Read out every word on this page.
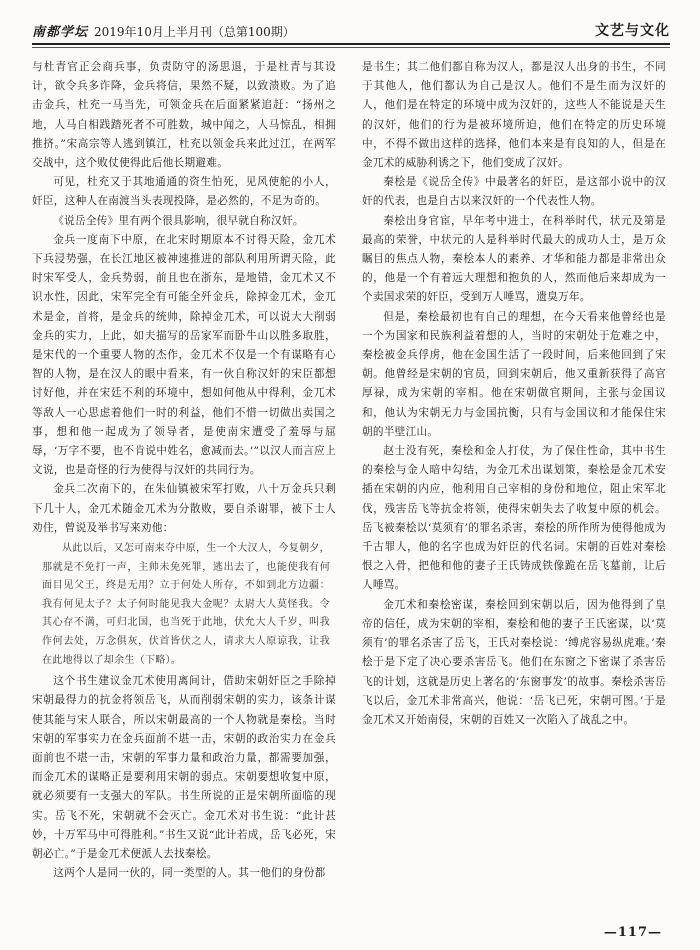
南都学坛 2019年10月上半月刊（总第100期）	文艺与文化

与杜青官正会商兵事，负责防守的汤思退，于是杜青与其设计，欲令兵多诈降，金兵将信，果然不疑，以致溃败。为了追击金兵，杜充一马当先，可领金兵在后面紧紧追赶：“扬州之地，人马自相践踏死者不可胜数，城中闻之，人马惊乱，相拥推挤。”宋高宗等人逃到镇江，杜充以领金兵来此过江，在两军交战中，这个败仗使得此后他长期避难。

可见，杜充又于其地通通的资生怕死，见风使舵的小人，奸臣，这种人在南渡当头表现投降，是必然的，不足为奇的。

《说岳全传》里有两个很具影响，很早就自称汉奸。

金兵一度南下中原，在北宋时期原本不讨得天险，金兀术下兵浸势强，在长江地区被神速推进的部队利用所谓天险，此时宋军受人，金兵势弱，前且也在浙东，是地错，金兀术又不识水性，因此，宋军完全有可能全歼金兵，除掉金兀术，金兀术是金，首将，是金兵的统帅，除掉金兀术，可以说大大削弱金兵的实力，上此，如夫描写的岳家军而卧牛山以胜多取胜，是宋代的一个重要人物的杰作，金兀术不仅是一个有谋略有心智的人物，是在汉人的眼中看来，有一伙自称汉奸的宋臣都想讨好他，并在宋廷不利的环境中，想如何他从中得利，金兀术等敌人一心思虑着他们一时的利益，他们不惜一切做出卖国之事，想和他一起成为了领导者，是使南宋遭受了羞辱与屈辱，‘万字不要，也不肯说中姓名，愈减而去。’”以汉人而言应上文说，也是奇怪的行为使得与汉奸的共同行为。

金兵二次南下的，在朱仙镇被宋军打败，八十万金兵只剩下几十人，金兀术随金兀术为分散败，要自杀谢罪，被下士人劝住，曾说及举书写来劝他：

从此以后，又怎可南来夺中原，生一个大汉人，今复朝夕，那就是不免打一声，主帅未免死罪，逃出去了，也能使我有何面目见父王，终是无用？立于何处人所存，不如到北方边疆：我有何见太子？太子何时能见我大金呢？太尉大人莫怪我。令其心存不满，可归北国，也当死于此地，伏允大人千岁，叫我作何去处，万念俱灰，伏首皆伏之人，请求大人原谅我，让我在此地得以了却余生（下略）。

这个书生建议金兀术使用离间计，借助宋朝奸臣之手除掉宋朝最得力的抗金将领岳飞，从而削弱宋朝的实力，该条计谋使其能与宋人联合，所以宋朝最高的一个人物就是秦桧。当时宋朝的军事实力在金兵面前不堪一击，宋朝的政治实力在金兵面前也不堪一击，宋朝的军事力量和政治力量，都需要加强，而金兀术的谋略正是要利用宋朝的弱点。宋朝要想收复中原，就必须要有一支强大的军队。书生所说的正是宋朝所面临的现实。岳飞不死，宋朝就不会灭亡。金兀术对书生说：“此计甚妙，十万军马中可得胜利。”书生又说“此计若成，岳飞必死，宋朝必亡。”于是金兀术便派人去找秦桧。

这两个人是同一伙的，同一类型的人。其一他们的身份都

是书生；其二他们都自称为汉人，都是汉人出身的书生，不同于其他人，他们都认为自己是汉人。他们不是生而为汉奸的人，他们是在特定的环境中成为汉奸的，这些人不能说是天生的汉奸，他们的行为是被环境所迫，他们在特定的历史环境中，不得不做出这样的选择，他们本来是有良知的人，但是在金兀术的威胁利诱之下，他们变成了汉奸。

秦桧是《说岳全传》中最著名的奸臣，是这部小说中的汉奸的代表，也是自古以来汉奸的一个代表性人物。

秦桧出身官宦，早年考中进士，在科举时代，状元及第是最高的荣誉，中状元的人是科举时代最大的成功人士，是万众瞩目的焦点人物，秦桧本人的素养、才华和能力都是非常出众的，他是一个有着远大理想和抱负的人，然而他后来却成为一个卖国求荣的奸臣，受到万人唾骂，遗臭万年。

但是，秦桧最初也有自己的理想，在今天看来他曾经也是一个为国家和民族利益着想的人，当时的宋朝处于危难之中，秦桧被金兵俘虏，他在金国生活了一段时间，后来他回到了宋朝。他曾经是宋朝的官员，回到宋朝后，他又重新获得了高官厚禄，成为宋朝的宰相。他在宋朝做官期间，主张与金国议和，他认为宋朝无力与金国抗衡，只有与金国议和才能保住宋朝的半壁江山。

赵士没有死，秦桧和金人打仗，为了保住性命，其中书生的秦桧与金人暗中勾结，为金兀术出谋划策，秦桧是金兀术安插在宋朝的内应，他利用自己宰相的身份和地位，阻止宋军北伐，残害岳飞等抗金将领，使得宋朝失去了收复中原的机会。岳飞被秦桧以‘莫须有’的罪名杀害，秦桧的所作所为使得他成为千古罪人，他的名字也成为奸臣的代名词。宋朝的百姓对秦桧恨之入骨，把他和他的妻子王氏铸成铁像跪在岳飞墓前，让后人唾骂。

金兀术和秦桧密谋，秦桧回到宋朝以后，因为他得到了皇帝的信任，成为宋朝的宰相，秦桧和他的妻子王氏密谋，以‘莫须有’的罪名杀害了岳飞，王氏对秦桧说：‘缚虎容易纵虎难。’秦桧于是下定了决心要杀害岳飞。他们在东窗之下密谋了杀害岳飞的计划，这就是历史上著名的‘东窗事发’的故事。秦桧杀害岳飞以后，金兀术非常高兴，他说：‘岳飞已死，宋朝可图。’于是金兀术又开始南侵，宋朝的百姓又一次陷入了战乱之中。

—117—
